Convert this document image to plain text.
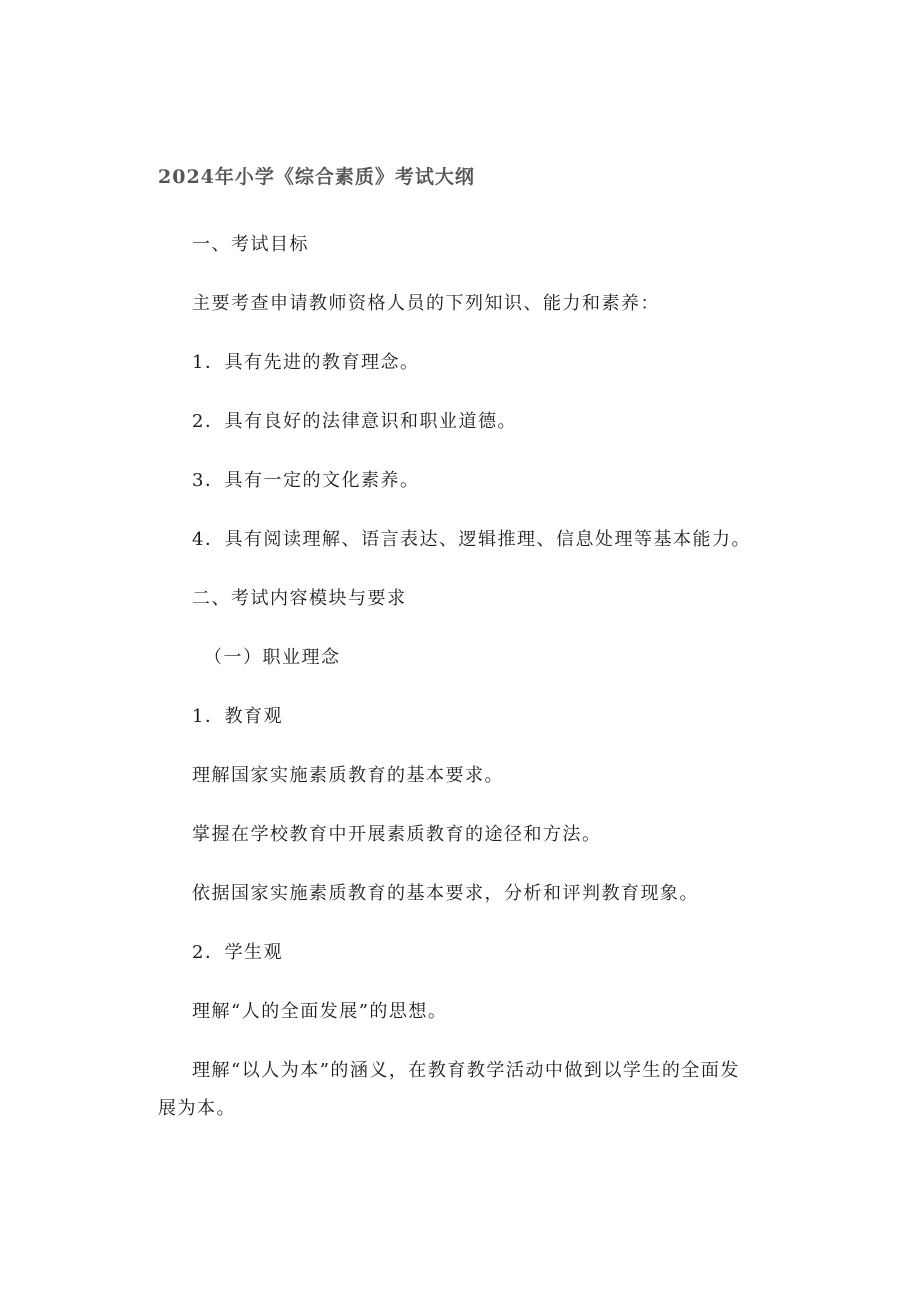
2024年小学《综合素质》考试大纲

一、考试目标

主要考查申请教师资格人员的下列知识、能力和素养：

1．具有先进的教育理念。

2．具有良好的法律意识和职业道德。

3．具有一定的文化素养。

4．具有阅读理解、语言表达、逻辑推理、信息处理等基本能力。

二、考试内容模块与要求

（一）职业理念

1．教育观

理解国家实施素质教育的基本要求。

掌握在学校教育中开展素质教育的途径和方法。

依据国家实施素质教育的基本要求，分析和评判教育现象。

2．学生观

理解“人的全面发展”的思想。

理解“以人为本”的涵义，在教育教学活动中做到以学生的全面发展为本。
